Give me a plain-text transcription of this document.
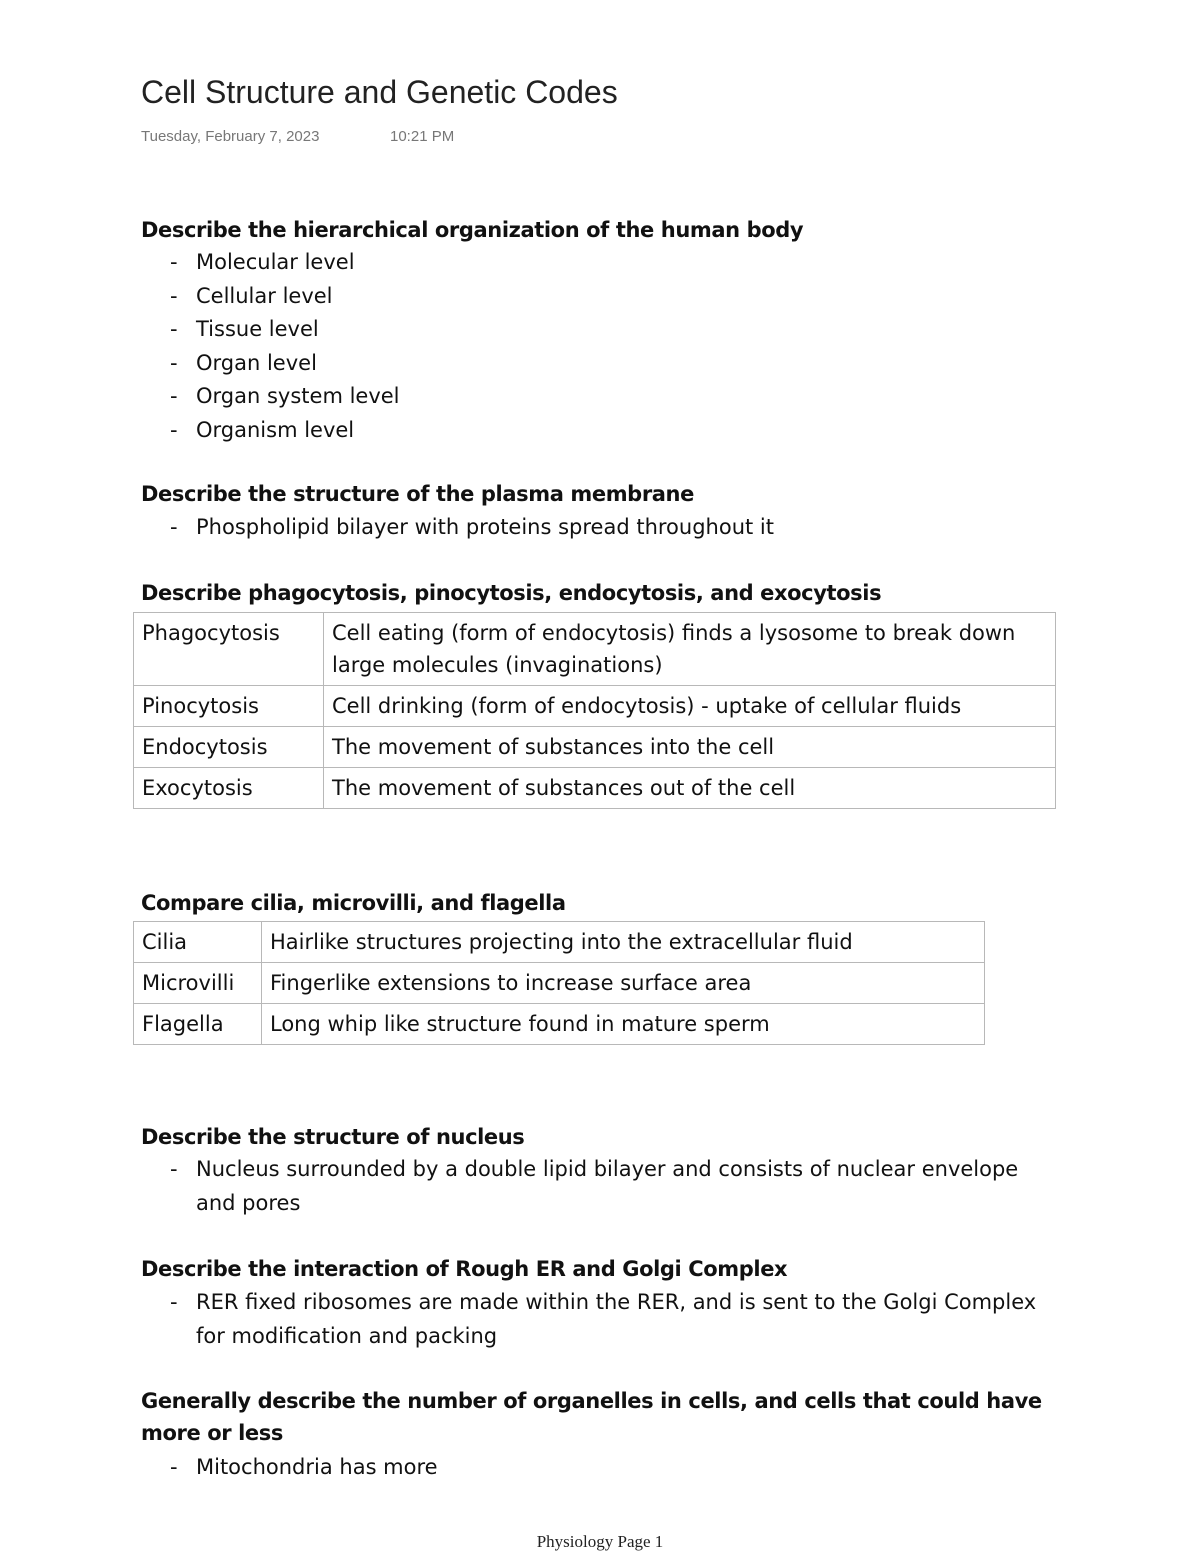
Cell Structure and Genetic Codes
Tuesday, February 7, 2023	10:21 PM
Describe the hierarchical organization of the human body
- Molecular level
- Cellular level
- Tissue level
- Organ level
- Organ system level
- Organism level
Describe the structure of the plasma membrane
- Phospholipid bilayer with proteins spread throughout it
Describe phagocytosis, pinocytosis, endocytosis, and exocytosis
Phagocytosis	Cell eating (form of endocytosis) finds a lysosome to break down large molecules (invaginations)
Pinocytosis	Cell drinking (form of endocytosis) - uptake of cellular fluids
Endocytosis	The movement of substances into the cell
Exocytosis	The movement of substances out of the cell
Compare cilia, microvilli, and flagella
Cilia	Hairlike structures projecting into the extracellular fluid
Microvilli	Fingerlike extensions to increase surface area
Flagella	Long whip like structure found in mature sperm
Describe the structure of nucleus
- Nucleus surrounded by a double lipid bilayer and consists of nuclear envelope and pores
Describe the interaction of Rough ER and Golgi Complex
- RER fixed ribosomes are made within the RER, and is sent to the Golgi Complex for modification and packing
Generally describe the number of organelles in cells, and cells that could have more or less
- Mitochondria has more
Physiology Page 1
